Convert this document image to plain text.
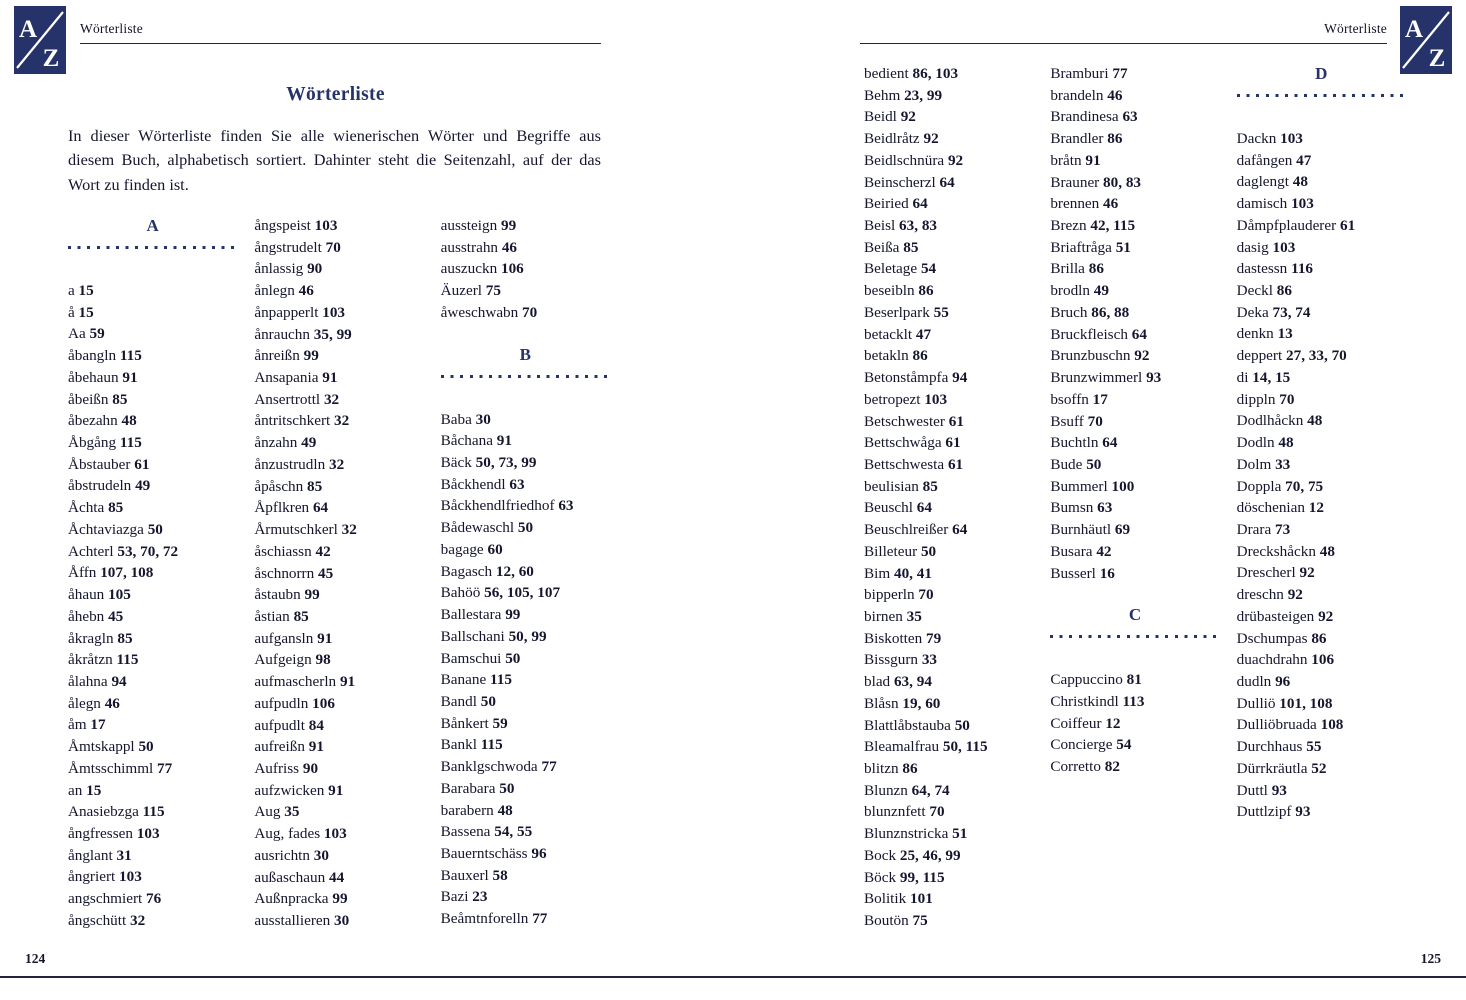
A
Z
A
Z
Wörterliste	Wörterliste
Wörterliste
In dieser Wörterliste finden Sie alle wienerischen Wörter und Begriffe aus diesem Buch, alphabetisch sortiert. Dahinter steht die Seitenzahl, auf der das Wort zu finden ist.
A
a 15
å 15
Aa 59
åbangln 115
åbehaun 91
åbeißn 85
åbezahn 48
Åbgång 115
Åbstauber 61
åbstrudeln 49
Åchta 85
Åchtaviazga 50
Achterl 53, 70, 72
Åffn 107, 108
åhaun 105
åhebn 45
åkragln 85
åkråtzn 115
ålahna 94
ålegn 46
åm 17
Åmtskappl 50
Åmtsschimml 77
an 15
Anasiebzga 115
ångfressen 103
ånglant 31
ångriert 103
angschmiert 76
ångschütt 32
ångspeist 103
ångstrudelt 70
ånlassig 90
ånlegn 46
ånpapperlt 103
ånrauchn 35, 99
ånreißn 99
Ansapania 91
Ansertrottl 32
åntritschkert 32
ånzahn 49
ånzustrudln 32
åpåschn 85
Åpflkren 64
Årmutschkerl 32
åschiassn 42
åschnorrn 45
åstaubn 99
åstian 85
aufgansln 91
Aufgeign 98
aufmascherln 91
aufpudln 106
aufpudlt 84
aufreißn 91
Aufriss 90
aufzwicken 91
Aug 35
Aug, fades 103
ausrichtn 30
außaschaun 44
Außnpracka 99
ausstallieren 30
aussteign 99
ausstrahn 46
auszuckn 106
Äuzerl 75
åweschwabn 70
B
Baba 30
Båchana 91
Bäck 50, 73, 99
Båckhendl 63
Båckhendlfriedhof 63
Bådewaschl 50
bagage 60
Bagasch 12, 60
Bahöö 56, 105, 107
Ballestara 99
Ballschani 50, 99
Bamschui 50
Banane 115
Bandl 50
Bånkert 59
Bankl 115
Banklgschwoda 77
Barabara 50
barabern 48
Bassena 54, 55
Bauerntschäss 96
Bauxerl 58
Bazi 23
Beåmtnforelln 77
bedient 86, 103
Behm 23, 99
Beidl 92
Beidlråtz 92
Beidlschnüra 92
Beinscherzl 64
Beiried 64
Beisl 63, 83
Beißa 85
Beletage 54
beseibln 86
Beserlpark 55
betacklt 47
betakln 86
Betonståmpfa 94
betropezt 103
Betschwester 61
Bettschwåga 61
Bettschwesta 61
beulisian 85
Beuschl 64
Beuschlreißer 64
Billeteur 50
Bim 40, 41
bipperln 70
birnen 35
Biskotten 79
Bissgurn 33
blad 63, 94
Blåsn 19, 60
Blattlåbstauba 50
Bleamalfrau 50, 115
blitzn 86
Blunzn 64, 74
blunznfett 70
Blunznstricka 51
Bock 25, 46, 99
Böck 99, 115
Bolitik 101
Boutön 75
Bramburi 77
brandeln 46
Brandinesa 63
Brandler 86
bråtn 91
Brauner 80, 83
brennen 46
Brezn 42, 115
Briaftråga 51
Brilla 86
brodln 49
Bruch 86, 88
Bruckfleisch 64
Brunzbuschn 92
Brunzwimmerl 93
bsoffn 17
Bsuff 70
Buchtln 64
Bude 50
Bummerl 100
Bumsn 63
Burnhäutl 69
Busara 42
Busserl 16
C
Cappuccino 81
Christkindl 113
Coiffeur 12
Concierge 54
Corretto 82
D
Dackn 103
dafången 47
daglengt 48
damisch 103
Dåmpfplauderer 61
dasig 103
dastessn 116
Deckl 86
Deka 73, 74
denkn 13
deppert 27, 33, 70
di 14, 15
dippln 70
Dodlhåckn 48
Dodln 48
Dolm 33
Doppla 70, 75
döschenian 12
Drara 73
Dreckshåckn 48
Drescherl 92
dreschn 92
drübasteigen 92
Dschumpas 86
duachdrahn 106
dudln 96
Dulliö 101, 108
Dulliöbruada 108
Durchhaus 55
Dürrkräutla 52
Duttl 93
Duttlzipf 93
124	125
